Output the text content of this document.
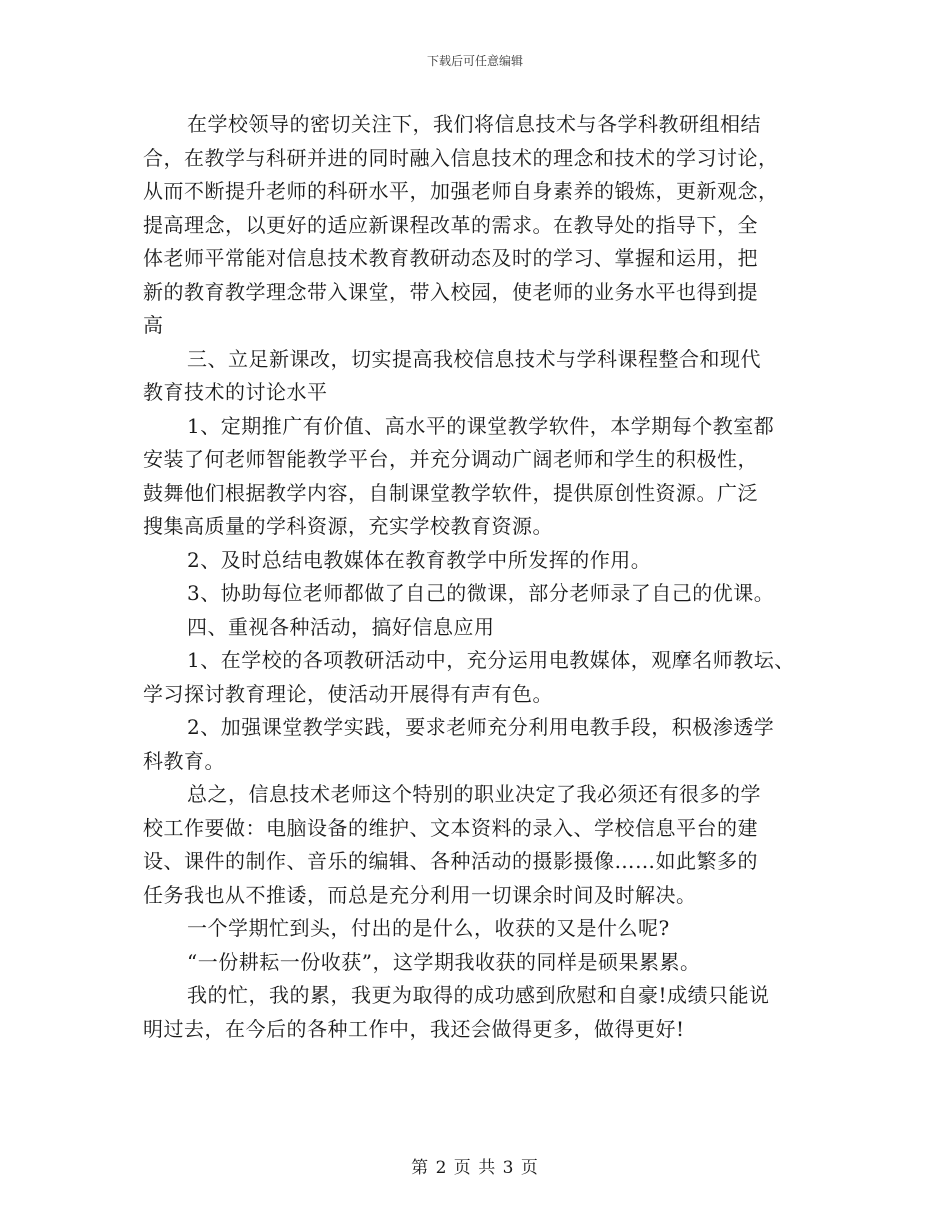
下载后可任意编辑
在学校领导的密切关注下，我们将信息技术与各学科教研组相结
合，在教学与科研并进的同时融入信息技术的理念和技术的学习讨论，
从而不断提升老师的科研水平，加强老师自身素养的锻炼，更新观念，
提高理念，以更好的适应新课程改革的需求。在教导处的指导下，全
体老师平常能对信息技术教育教研动态及时的学习、掌握和运用，把
新的教育教学理念带入课堂，带入校园，使老师的业务水平也得到提
高
三、立足新课改，切实提高我校信息技术与学科课程整合和现代
教育技术的讨论水平
1、定期推广有价值、高水平的课堂教学软件，本学期每个教室都
安装了何老师智能教学平台，并充分调动广阔老师和学生的积极性，
鼓舞他们根据教学内容，自制课堂教学软件，提供原创性资源。广泛
搜集高质量的学科资源，充实学校教育资源。
2、及时总结电教媒体在教育教学中所发挥的作用。
3、协助每位老师都做了自己的微课，部分老师录了自己的优课。
四、重视各种活动，搞好信息应用
1、在学校的各项教研活动中，充分运用电教媒体，观摩名师教坛、
学习探讨教育理论，使活动开展得有声有色。
2、加强课堂教学实践，要求老师充分利用电教手段，积极渗透学
科教育。
总之，信息技术老师这个特别的职业决定了我必须还有很多的学
校工作要做：电脑设备的维护、文本资料的录入、学校信息平台的建
设、课件的制作、音乐的编辑、各种活动的摄影摄像……如此繁多的
任务我也从不推诿，而总是充分利用一切课余时间及时解决。
一个学期忙到头，付出的是什么，收获的又是什么呢?
“一份耕耘一份收获”，这学期我收获的同样是硕果累累。
我的忙，我的累，我更为取得的成功感到欣慰和自豪!成绩只能说
明过去，在今后的各种工作中，我还会做得更多，做得更好!
第 2 页 共 3 页
